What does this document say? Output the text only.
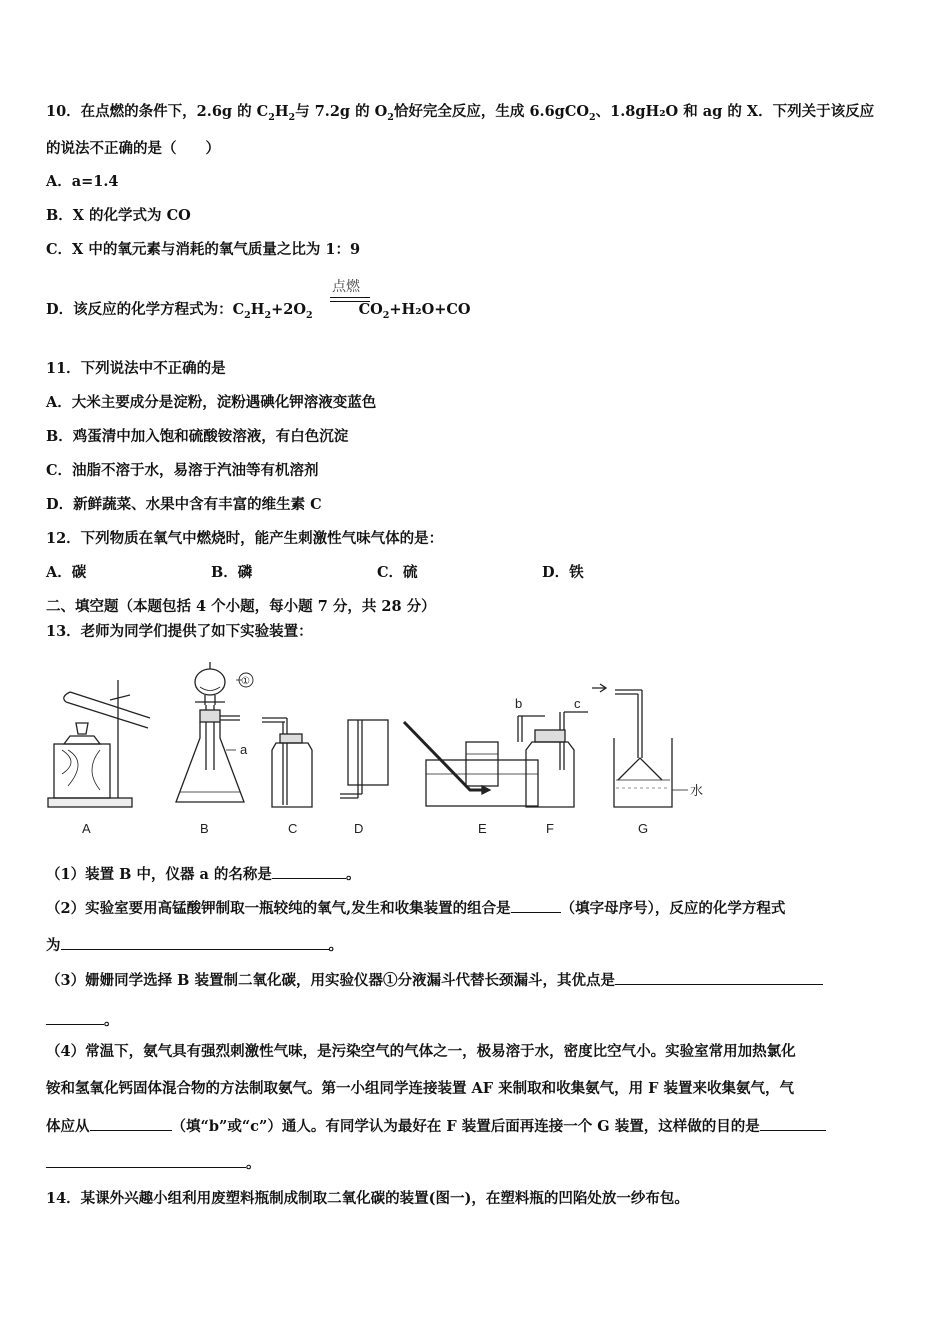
10．在点燃的条件下，2.6g 的 $C_2H_2$与 7.2g 的 $O_2$恰好完全反应，生成 6.6gCO$_2$、1.8gH₂O 和 ag 的 X．下列关于该反应
的说法不正确的是（　　）
A．a=1.4
B．X 的化学式为 CO
C．X 中的氧元素与消耗的氧气质量之比为 1：9
点燃
D．该反应的化学方程式为：$C_2H_2+2O_2$	$CO_2+H_2O+CO$
11．下列说法中不正确的是
A．大米主要成分是淀粉，淀粉遇碘化钾溶液变蓝色
B．鸡蛋清中加入饱和硫酸铵溶液，有白色沉淀
C．油脂不溶于水，易溶于汽油等有机溶剂
D．新鲜蔬菜、水果中含有丰富的维生素 C
12．下列物质在氧气中燃烧时，能产生刺激性气味气体的是：
A．碳	B．磷	C．硫	D．铁
二、填空题（本题包括 4 个小题，每小题 7 分，共 28 分）
13．老师为同学们提供了如下实验装置：
A	B	C	D	E	F	G
a
b	c
①
水
（1）装置 B 中，仪器 a 的名称是	。
（2）实验室要用高锰酸钾制取一瓶较纯的氧气,发生和收集装置的组合是	（填字母序号），反应的化学方程式
为	。
（3）姗姗同学选择 B 装置制二氧化碳，用实验仪器①分液漏斗代替长颈漏斗，其优点是
。
（4）常温下，氨气具有强烈刺激性气味，是污染空气的气体之一，极易溶于水，密度比空气小。实验室常用加热氯化
铵和氢氧化钙固体混合物的方法制取氨气。第一小组同学连接装置 AF 来制取和收集氨气，用 F 装置来收集氨气，气
体应从	（填“b”或“c”）通人。有同学认为最好在 F 装置后面再连接一个 G 装置，这样做的目的是
。
14．某课外兴趣小组利用废塑料瓶制成制取二氧化碳的装置(图一)，在塑料瓶的凹陷处放一纱布包。
